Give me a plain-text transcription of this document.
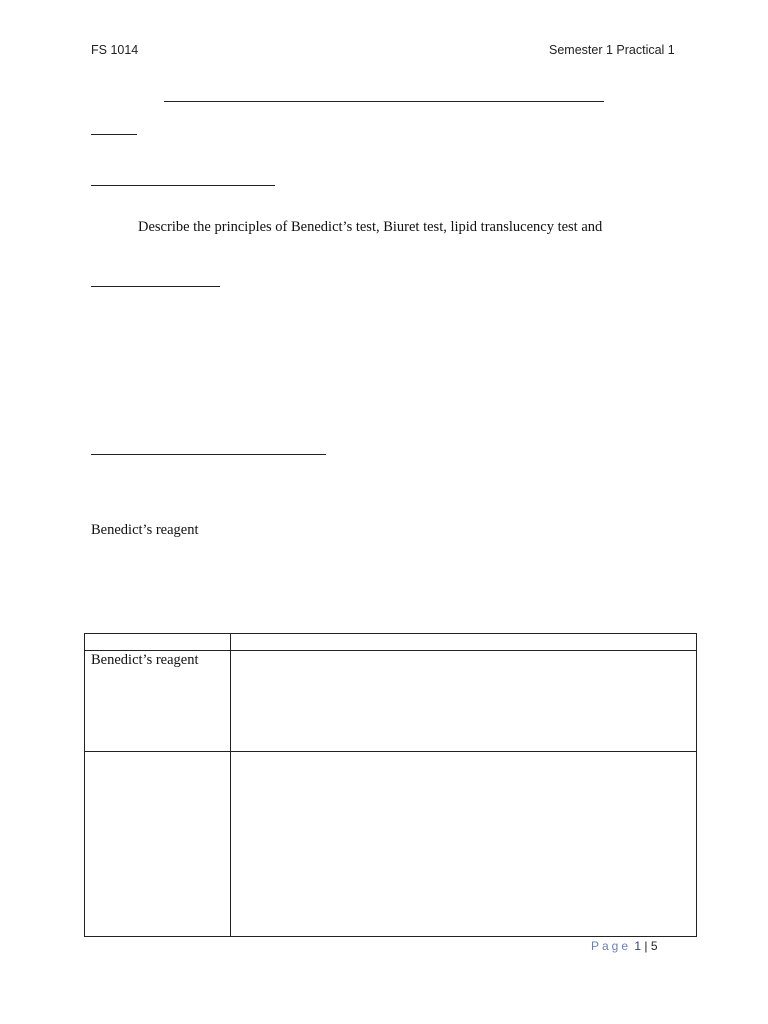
FS 1014	Semester 1 Practical 1
Describe the principles of Benedict’s test, Biuret test, lipid translucency test and
Benedict’s reagent

Benedict’s reagent	

Page 1 | 5
